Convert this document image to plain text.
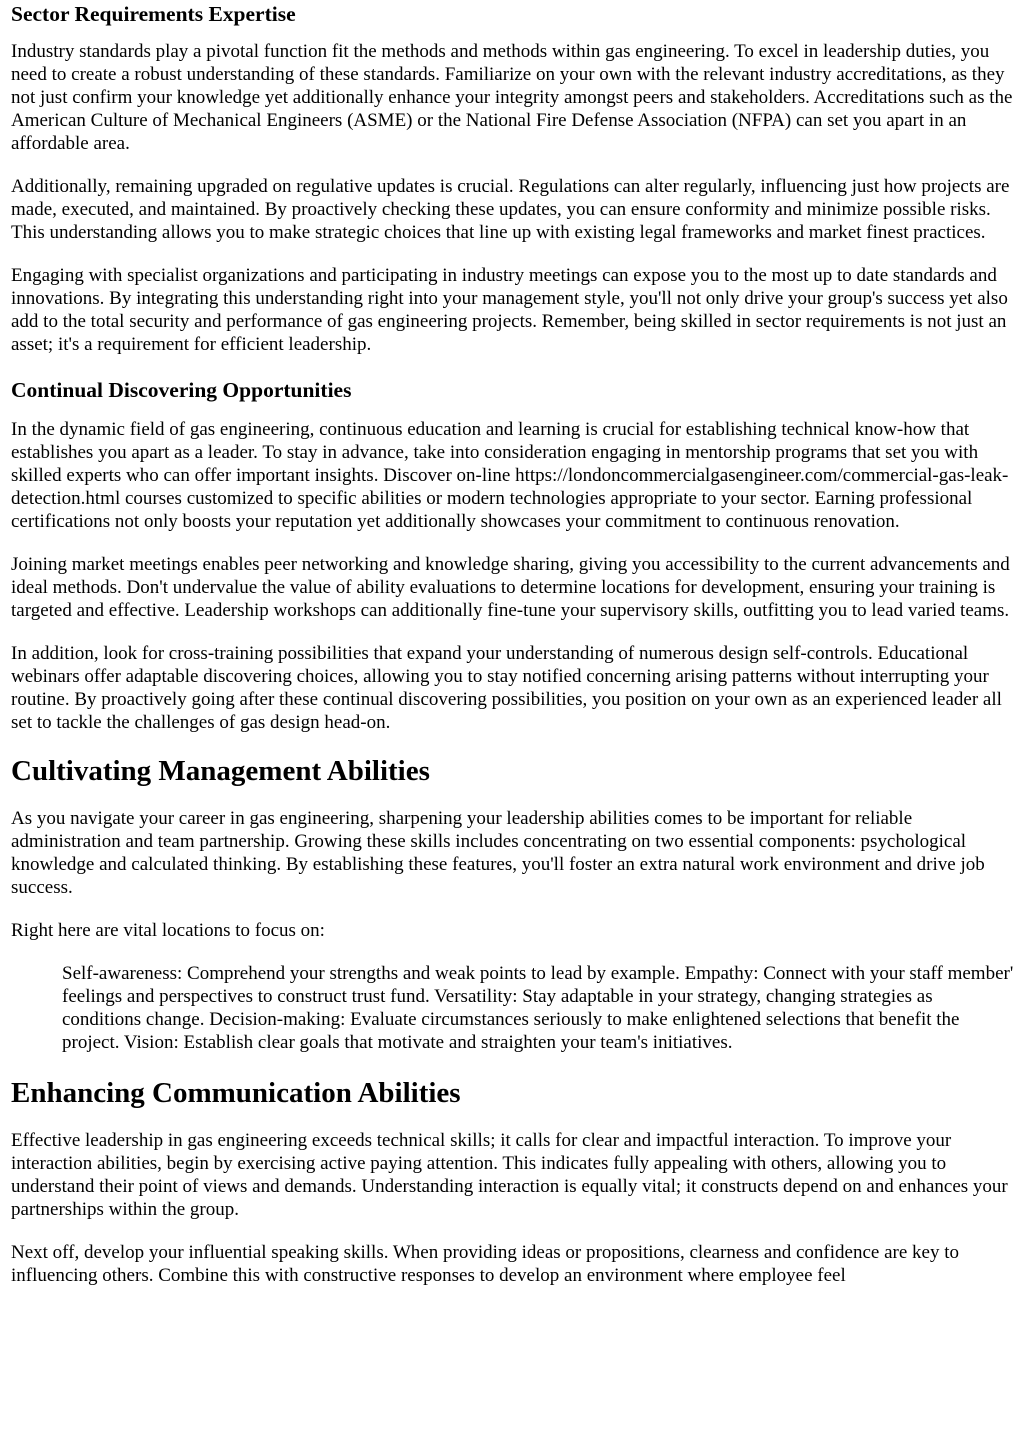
Sector Requirements Expertise

Industry standards play a pivotal function fit the methods and methods within gas engineering. To excel in leadership duties, you need to create a robust understanding of these standards. Familiarize on your own with the relevant industry accreditations, as they not just confirm your knowledge yet additionally enhance your integrity amongst peers and stakeholders. Accreditations such as the American Culture of Mechanical Engineers (ASME) or the National Fire Defense Association (NFPA) can set you apart in an affordable area.

Additionally, remaining upgraded on regulative updates is crucial. Regulations can alter regularly, influencing just how projects are made, executed, and maintained. By proactively checking these updates, you can ensure conformity and minimize possible risks. This understanding allows you to make strategic choices that line up with existing legal frameworks and market finest practices.

Engaging with specialist organizations and participating in industry meetings can expose you to the most up to date standards and innovations. By integrating this understanding right into your management style, you'll not only drive your group's success yet also add to the total security and performance of gas engineering projects. Remember, being skilled in sector requirements is not just an asset; it's a requirement for efficient leadership.

Continual Discovering Opportunities

In the dynamic field of gas engineering, continuous education and learning is crucial for establishing technical know-how that establishes you apart as a leader. To stay in advance, take into consideration engaging in mentorship programs that set you with skilled experts who can offer important insights. Discover on-line https://londoncommercialgasengineer.com/commercial-gas-leak-detection.html courses customized to specific abilities or modern technologies appropriate to your sector. Earning professional certifications not only boosts your reputation yet additionally showcases your commitment to continuous renovation.

Joining market meetings enables peer networking and knowledge sharing, giving you accessibility to the current advancements and ideal methods. Don't undervalue the value of ability evaluations to determine locations for development, ensuring your training is targeted and effective. Leadership workshops can additionally fine-tune your supervisory skills, outfitting you to lead varied teams.

In addition, look for cross-training possibilities that expand your understanding of numerous design self-controls. Educational webinars offer adaptable discovering choices, allowing you to stay notified concerning arising patterns without interrupting your routine. By proactively going after these continual discovering possibilities, you position on your own as an experienced leader all set to tackle the challenges of gas design head-on.

Cultivating Management Abilities

As you navigate your career in gas engineering, sharpening your leadership abilities comes to be important for reliable administration and team partnership. Growing these skills includes concentrating on two essential components: psychological knowledge and calculated thinking. By establishing these features, you'll foster an extra natural work environment and drive job success.

Right here are vital locations to focus on:

Self-awareness: Comprehend your strengths and weak points to lead by example. Empathy: Connect with your staff member' feelings and perspectives to construct trust fund. Versatility: Stay adaptable in your strategy, changing strategies as conditions change. Decision-making: Evaluate circumstances seriously to make enlightened selections that benefit the project. Vision: Establish clear goals that motivate and straighten your team's initiatives.
Enhancing Communication Abilities

Effective leadership in gas engineering exceeds technical skills; it calls for clear and impactful interaction. To improve your interaction abilities, begin by exercising active paying attention. This indicates fully appealing with others, allowing you to understand their point of views and demands. Understanding interaction is equally vital; it constructs depend on and enhances your partnerships within the group.

Next off, develop your influential speaking skills. When providing ideas or propositions, clearness and confidence are key to influencing others. Combine this with constructive responses to develop an environment where employee feel
